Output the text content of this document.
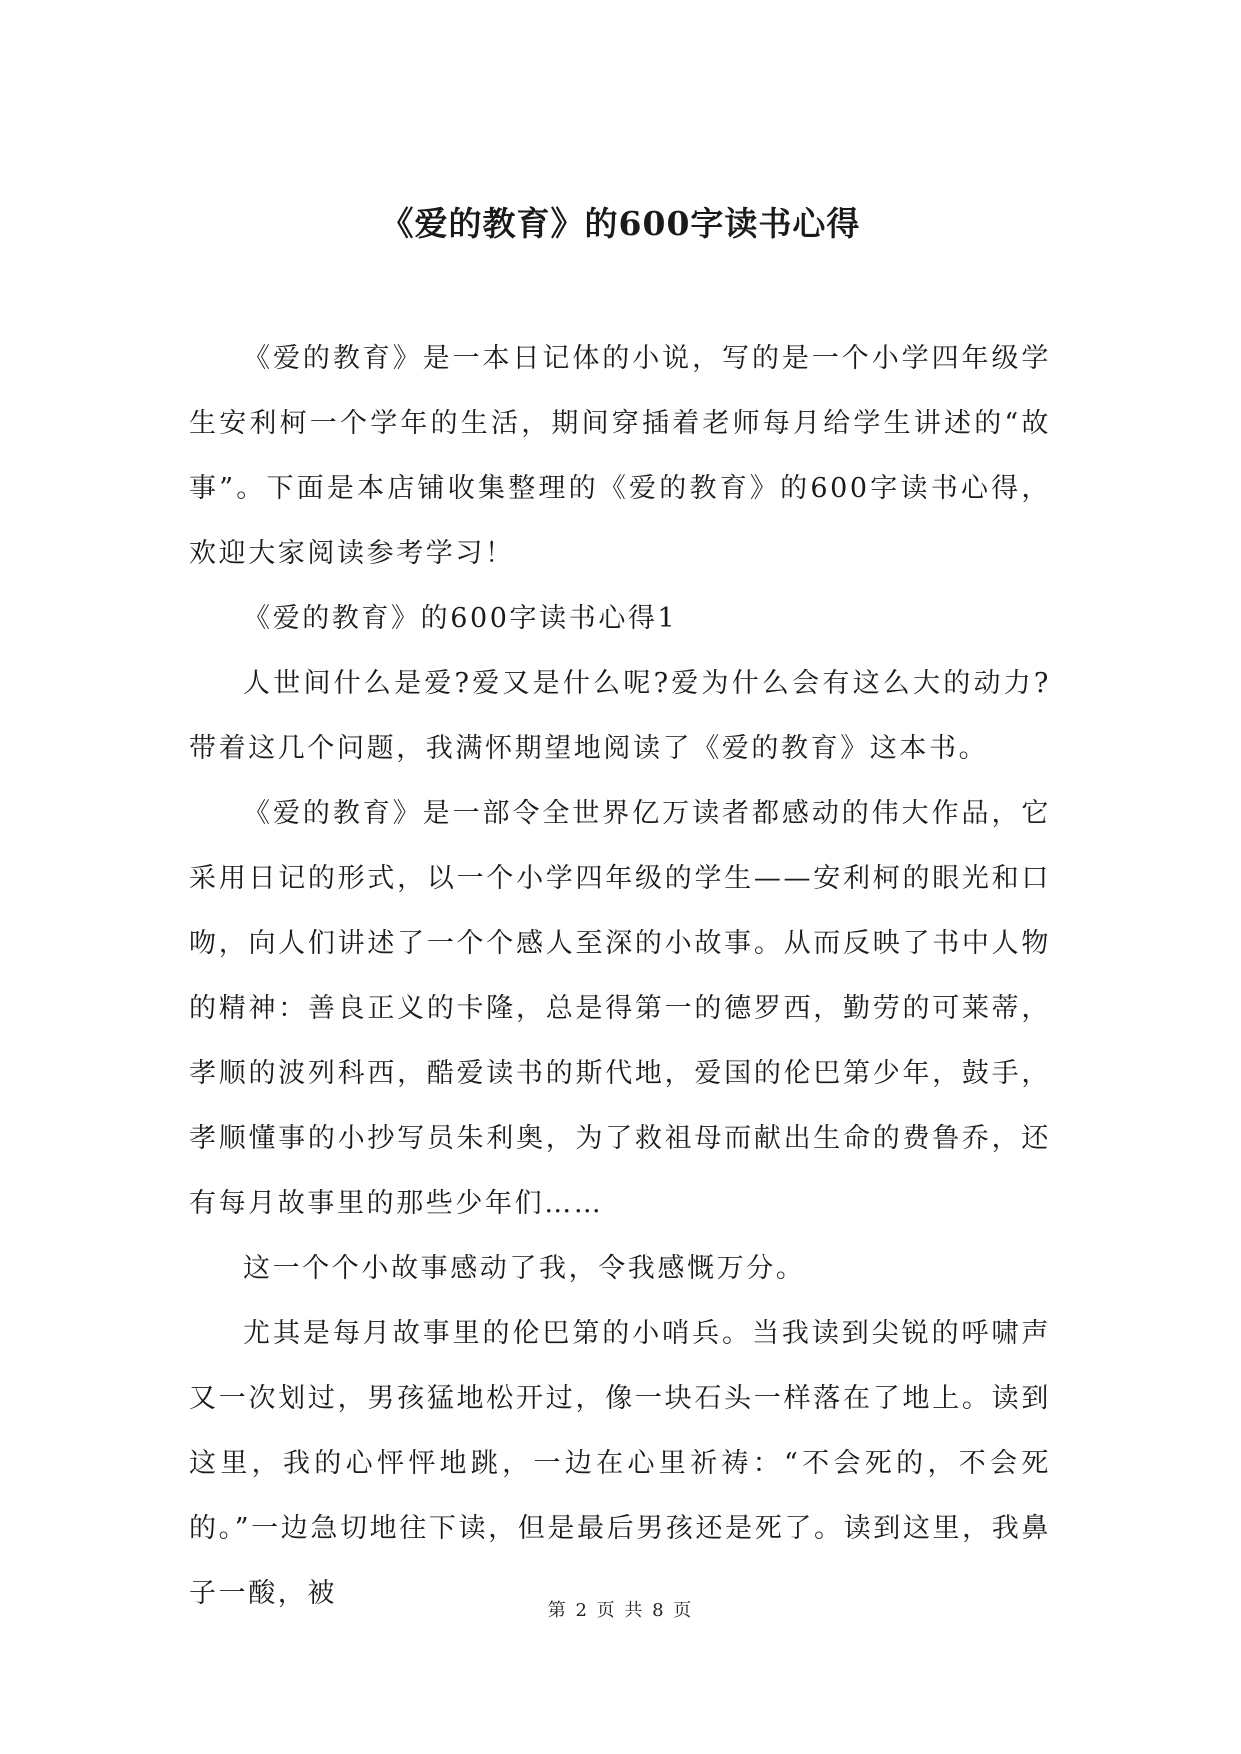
《爱的教育》的600字读书心得

《爱的教育》是一本日记体的小说，写的是一个小学四年级学生安利柯一个学年的生活，期间穿插着老师每月给学生讲述的“故事”。下面是本店铺收集整理的《爱的教育》的600字读书心得，欢迎大家阅读参考学习！

《爱的教育》的600字读书心得1

人世间什么是爱?爱又是什么呢?爱为什么会有这么大的动力?带着这几个问题，我满怀期望地阅读了《爱的教育》这本书。

《爱的教育》是一部令全世界亿万读者都感动的伟大作品，它采用日记的形式，以一个小学四年级的学生——安利柯的眼光和口吻，向人们讲述了一个个感人至深的小故事。从而反映了书中人物的精神：善良正义的卡隆，总是得第一的德罗西，勤劳的可莱蒂，孝顺的波列科西，酷爱读书的斯代地，爱国的伦巴第少年，鼓手，孝顺懂事的小抄写员朱利奥，为了救祖母而献出生命的费鲁乔，还有每月故事里的那些少年们……

这一个个小故事感动了我，令我感慨万分。

尤其是每月故事里的伦巴第的小哨兵。当我读到尖锐的呼啸声又一次划过，男孩猛地松开过，像一块石头一样落在了地上。读到这里，我的心怦怦地跳，一边在心里祈祷：“不会死的，不会死的。”一边急切地往下读，但是最后男孩还是死了。读到这里，我鼻子一酸，被

第 2 页 共 8 页
